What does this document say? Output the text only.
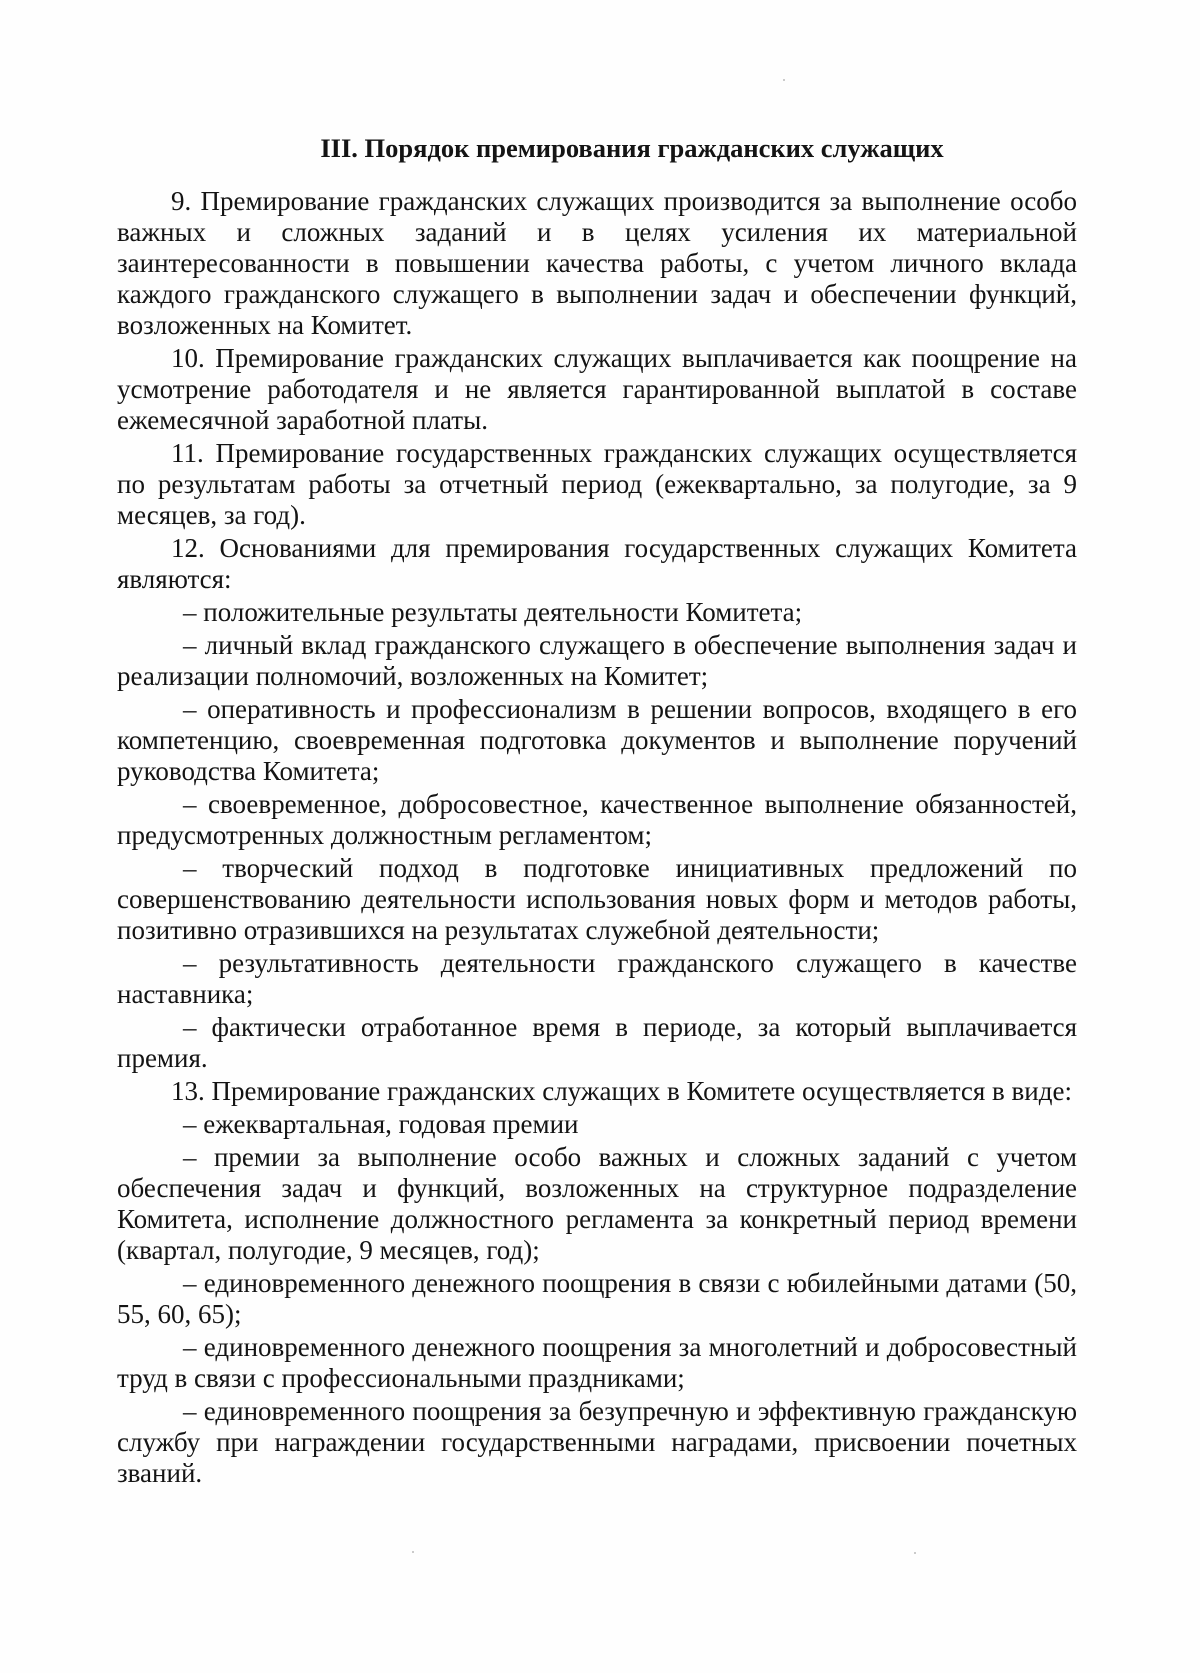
III. Порядок премирования гражданских служащих

9. Премирование гражданских служащих производится за выполнение особо важных и сложных заданий и в целях усиления их материальной заинтересованности в повышении качества работы, с учетом личного вклада каждого гражданского служащего в выполнении задач и обеспечении функций, возложенных на Комитет.

10. Премирование гражданских служащих выплачивается как поощрение на усмотрение работодателя и не является гарантированной выплатой в составе ежемесячной заработной платы.

11. Премирование государственных гражданских служащих осуществляется по результатам работы за отчетный период (ежеквартально, за полугодие, за 9 месяцев, за год).

12. Основаниями для премирования государственных служащих Комитета являются:

– положительные результаты деятельности Комитета;

– личный вклад гражданского служащего в обеспечение выполнения задач и реализации полномочий, возложенных на Комитет;

– оперативность и профессионализм в решении вопросов, входящего в его компетенцию, своевременная подготовка документов и выполнение поручений руководства Комитета;

– своевременное, добросовестное, качественное выполнение обязанностей, предусмотренных должностным регламентом;

– творческий подход в подготовке инициативных предложений по совершенствованию деятельности использования новых форм и методов работы, позитивно отразившихся на результатах служебной деятельности;

– результативность деятельности гражданского служащего в качестве наставника;

– фактически отработанное время в периоде, за который выплачивается премия.

13. Премирование гражданских служащих в Комитете осуществляется в виде:

– ежеквартальная, годовая премии

– премии за выполнение особо важных и сложных заданий с учетом обеспечения задач и функций, возложенных на структурное подразделение Комитета, исполнение должностного регламента за конкретный период времени (квартал, полугодие, 9 месяцев, год);

– единовременного денежного поощрения в связи с юбилейными датами (50, 55, 60, 65);

– единовременного денежного поощрения за многолетний и добросовестный труд в связи с профессиональными праздниками;

– единовременного поощрения за безупречную и эффективную гражданскую службу при награждении государственными наградами, присвоении почетных званий.
